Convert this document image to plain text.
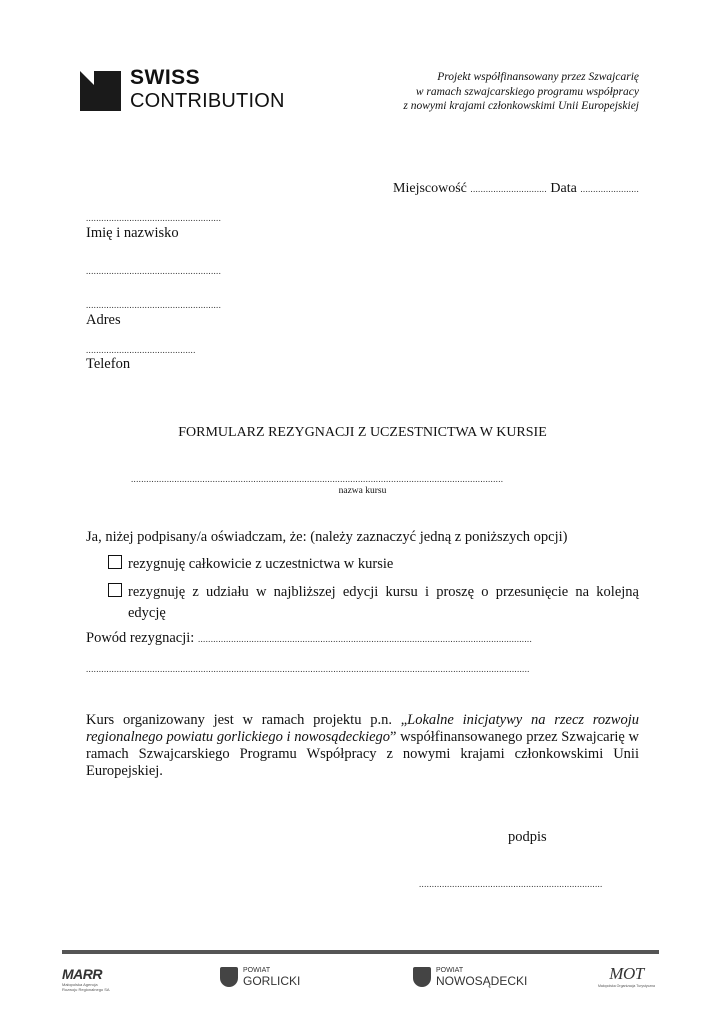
SWISS
CONTRIBUTION
Projekt współfinansowany przez Szwajcarię
w ramach szwajcarskiego programu współpracy
z nowymi krajami członkowskimi Unii Europejskiej
Miejscowość .............................. Data .......................
.....................................................
Imię i nazwisko
.....................................................
.....................................................
Adres
...........................................
Telefon
FORMULARZ REZYGNACJI Z UCZESTNICTWA W KURSIE
..................................................................................................................................................
nazwa kursu
Ja, niżej podpisany/a oświadczam, że: (należy zaznaczyć jedną z poniższych opcji)
rezygnuję całkowicie z uczestnictwa w kursie
rezygnuję z udziału w najbliższej edycji kursu i proszę o przesunięcie na kolejną
edycję
Powód rezygnacji: ...................................................................................................................................
..............................................................................................................................................................................
Kurs organizowany jest w ramach projektu p.n. „Lokalne inicjatywy na rzecz rozwoju regionalnego powiatu gorlickiego i nowosądeckiego” współfinansowanego przez Szwajcarię w ramach Szwajcarskiego Programu Współpracy z nowymi krajami członkowskimi Unii Europejskiej.
podpis
........................................................................
MARR
Małopolska Agencja Rozwoju Regionalnego SA
POWIAT
GORLICKI
POWIAT
NOWOSĄDECKI	MOT
Małopolska Organizacja Turystyczna
